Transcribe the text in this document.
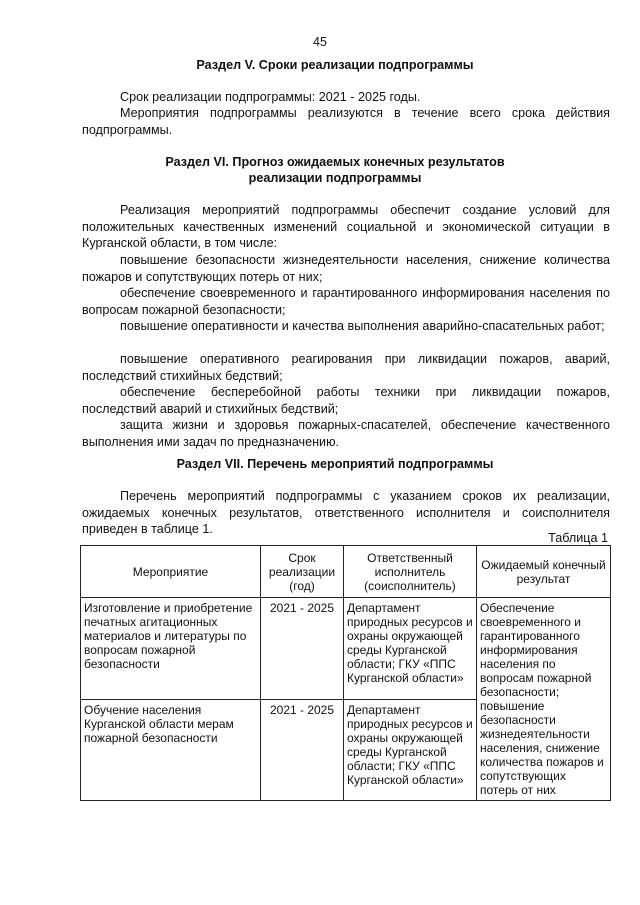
45
Раздел V. Сроки реализации подпрограммы

Срок реализации подпрограммы: 2021 - 2025 годы.

Мероприятия подпрограммы реализуются в течение всего срока действия подпрограммы.

Раздел VI. Прогноз ожидаемых конечных результатов
реализации подпрограммы

Реализация мероприятий подпрограммы обеспечит создание условий для положительных качественных изменений социальной и экономической ситуации в Курганской области, в том числе:

повышение безопасности жизнедеятельности населения, снижение количества пожаров и сопутствующих потерь от них;

обеспечение своевременного и гарантированного информирования населения по вопросам пожарной безопасности;

повышение оперативности и качества выполнения аварийно-спасательных работ;

повышение оперативного реагирования при ликвидации пожаров, аварий, последствий стихийных бедствий;

обеспечение бесперебойной работы техники при ликвидации пожаров, последствий аварий и стихийных бедствий;

защита жизни и здоровья пожарных-спасателей, обеспечение качественного выполнения ими задач по предназначению.

Раздел VII. Перечень мероприятий подпрограммы

Перечень мероприятий подпрограммы с указанием сроков их реализации, ожидаемых конечных результатов, ответственного исполнителя и соисполнителя приведен в таблице 1.

Таблица 1
Мероприятие	Срок реализации (год)	Ответственный исполнитель (соисполнитель)	Ожидаемый конечный результат
Изготовление и приобретение печатных агитационных материалов и литературы по вопросам пожарной безопасности	2021 - 2025	Департамент природных ресурсов и охраны окружающей среды Курганской области; ГКУ «ППС Курганской области»	Обеспечение своевременного и гарантированного информирования населения по вопросам пожарной безопасности; повышение безопасности жизнедеятельности населения, снижение количества пожаров и сопутствующих потерь от них
Обучение населения Курганской области мерам пожарной безопасности	2021 - 2025	Департамент природных ресурсов и охраны окружающей среды Курганской области; ГКУ «ППС Курганской области»	
